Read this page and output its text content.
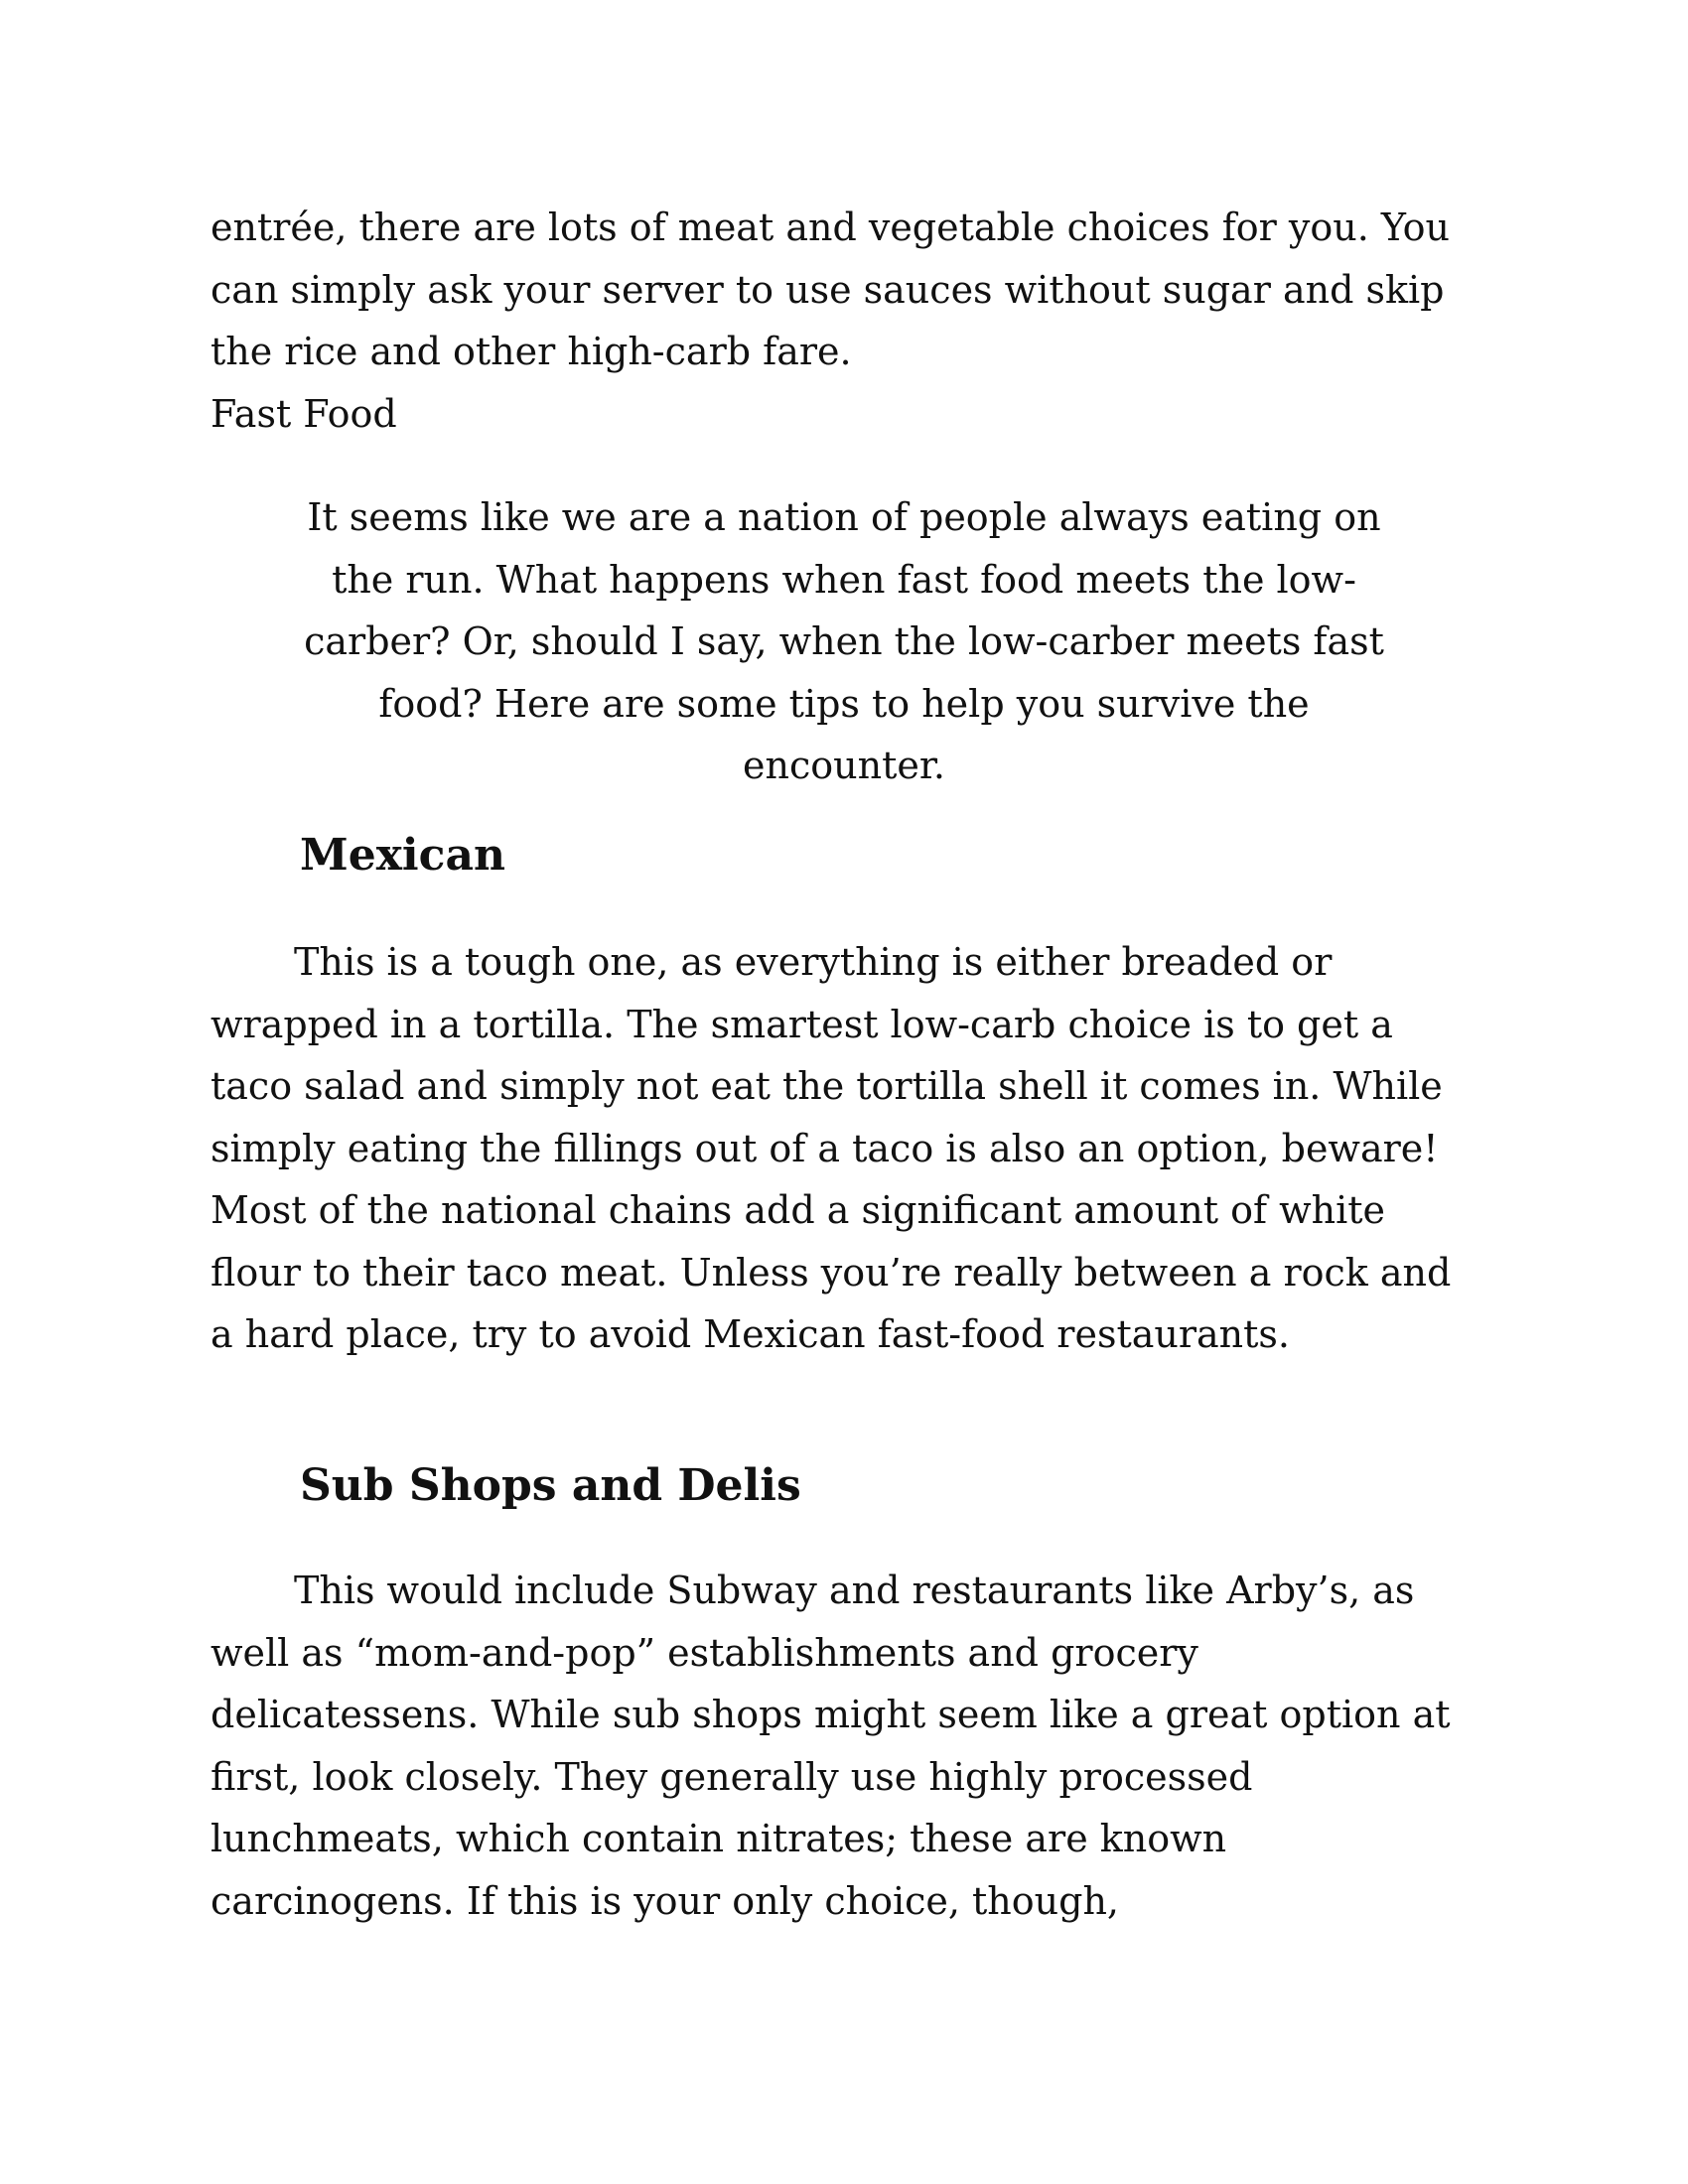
entrée, there are lots of meat and vegetable choices for you. You can simply ask your server to use sauces without sugar and skip the rice and other high-carb fare.

Fast Food

It seems like we are a nation of people always eating on the run. What happens when fast food meets the low-carber? Or, should I say, when the low-carber meets fast food? Here are some tips to help you survive the encounter.

Mexican

This is a tough one, as everything is either breaded or wrapped in a tortilla. The smartest low-carb choice is to get a taco salad and simply not eat the tortilla shell it comes in. While simply eating the fillings out of a taco is also an option, beware! Most of the national chains add a significant amount of white flour to their taco meat. Unless you’re really between a rock and a hard place, try to avoid Mexican fast-food restaurants.

Sub Shops and Delis

This would include Subway and restaurants like Arby’s, as well as “mom-and-pop” establishments and grocery delicatessens. While sub shops might seem like a great option at first, look closely. They generally use highly processed lunchmeats, which contain nitrates; these are known carcinogens. If this is your only choice, though,
